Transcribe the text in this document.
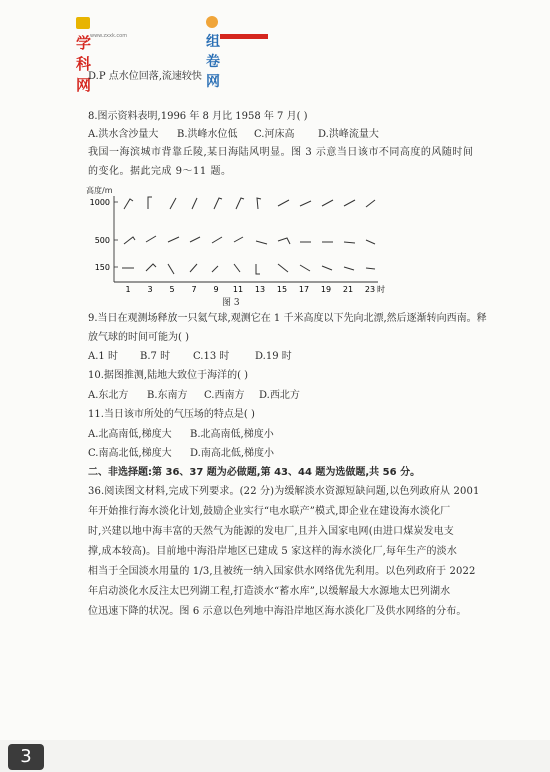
学科网
www.zxxk.com	组卷网
D.P 点水位回落,流速较快
8.图示资料表明,1996 年 8 月比 1958 年 7 月( )
A.洪水含沙量大 B.洪峰水位低 C.河床高 D.洪峰流量大
我国一海滨城市背靠丘陵,某日海陆风明显。图 3 示意当日该市不同高度的风随时间
的变化。据此完成 9～11 题。
高度/m
1000
500
150
1 3 5 7 9 11 13 15 17 19 21 23 时
图 3
9.当日在观测场释放一只氦气球,观测它在 1 千米高度以下先向北漂,然后逐渐转向西南。释
放气球的时间可能为( )
A.1 时 B.7 时 C.13 时	D.19 时
10.据图推测,陆地大致位于海洋的( )
A.东北方 B.东南方 C.西南方 D.西北方
11.当日该市所处的气压场的特点是( )
A.北高南低,梯度大 B.北高南低,梯度小
C.南高北低,梯度大 D.南高北低,梯度小
二、非选择题:第 36、37 题为必做题,第 43、44 题为选做题,共 56 分。
36.阅读图文材料,完成下列要求。(22 分)为缓解淡水资源短缺问题,以色列政府从 2001
年开始推行海水淡化计划,鼓励企业实行“电水联产”模式,即企业在建设海水淡化厂
时,兴建以地中海丰富的天然气为能源的发电厂,且并入国家电网(由进口煤炭发电支
撑,成本较高)。目前地中海沿岸地区已建成 5 家这样的海水淡化厂,每年生产的淡水
相当于全国淡水用量的 1/3,且被统一纳入国家供水网络优先利用。以色列政府于 2022
年启动淡化水反注太巴列湖工程,打造淡水“蓄水库”,以缓解最大水源地太巴列湖水
位迅速下降的状况。图 6 示意以色列地中海沿岸地区海水淡化厂及供水网络的分布。
3
